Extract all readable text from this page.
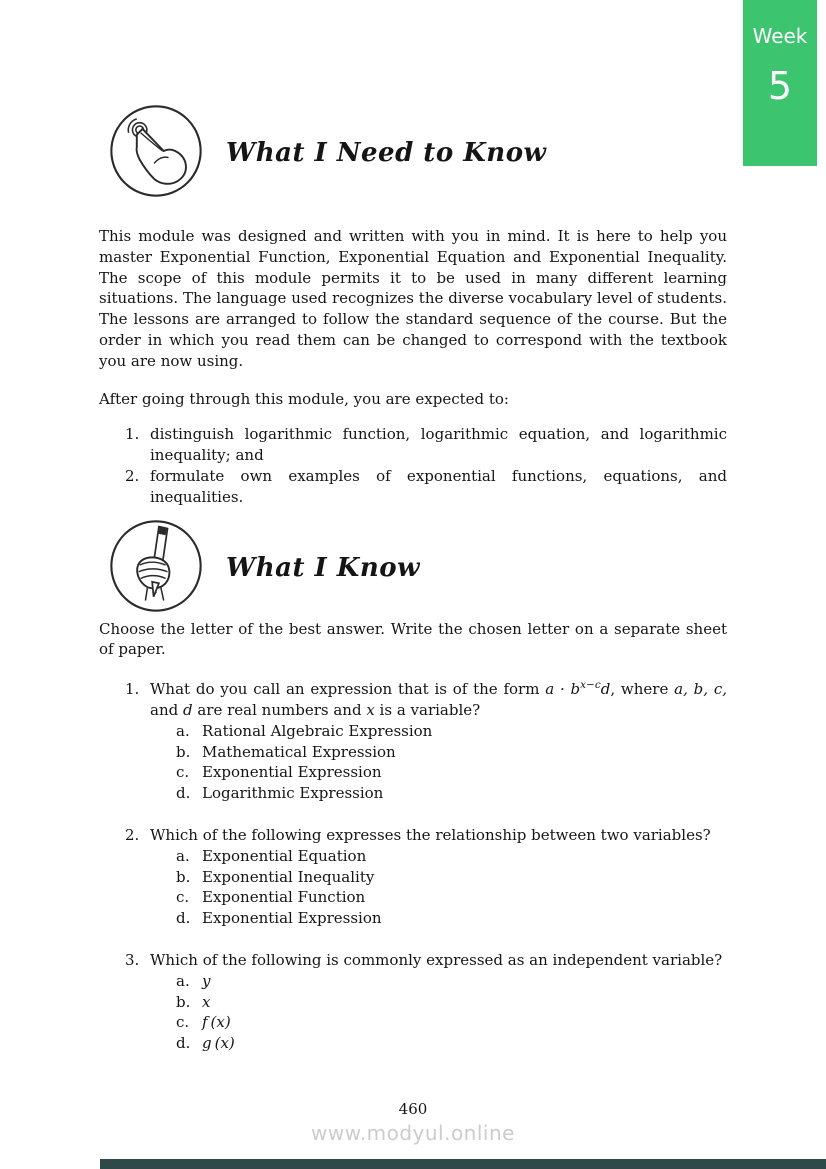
Week
5
What I Need to Know

This module was designed and written with you in mind. It is here to help you master Exponential Function, Exponential Equation and Exponential Inequality. The scope of this module permits it to be used in many different learning situations. The language used recognizes the diverse vocabulary level of students. The lessons are arranged to follow the standard sequence of the course. But the order in which you read them can be changed to correspond with the textbook you are now using.

After going through this module, you are expected to:

1. distinguish logarithmic function, logarithmic equation, and logarithmic inequality; and
2. formulate own examples of exponential functions, equations, and inequalities.
What I Know

Choose the letter of the best answer. Write the chosen letter on a separate sheet of paper.

1. What do you call an expression that is of the form $a \cdot b^{x-c}d$, where a, b, c, and d are real numbers and x is a variable?
a. Rational Algebraic Expression
b. Mathematical Expression
c. Exponential Expression
d. Logarithmic Expression
2. Which of the following expresses the relationship between two variables?
a. Exponential Equation
b. Exponential Inequality
c. Exponential Function
d. Exponential Expression
3. Which of the following is commonly expressed as an independent variable?
a. y
b. x
c. f (x)
d. g (x)
460
www.modyul.online
